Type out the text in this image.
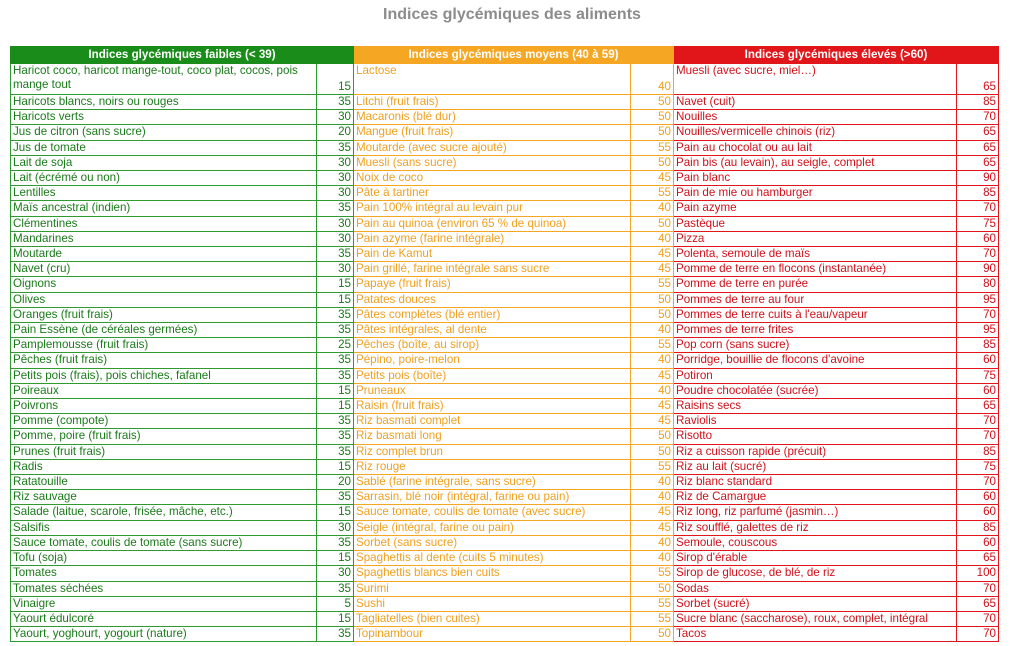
Indices glycémiques des aliments
Indices glycémiques faibles (< 39)		Indices glycémiques moyens (40 à 59)		Indices glycémiques élevés (>60)	
Haricot coco, haricot mange-tout, coco plat, cocos, pois mange tout	15	Lactose	40	Muesli (avec sucre, miel…)	65
Haricots blancs, noirs ou rouges	35	Litchi (fruit frais)	50	Navet (cuit)	85
Haricots verts	30	Macaronis (blé dur)	50	Nouilles	70
Jus de citron (sans sucre)	20	Mangue (fruit frais)	50	Nouilles/vermicelle chinois (riz)	65
Jus de tomate	35	Moutarde (avec sucre ajouté)	55	Pain au chocolat ou au lait	65
Lait de soja	30	Muesli (sans sucre)	50	Pain bis (au levain), au seigle, complet	65
Lait (écrémé ou non)	30	Noix de coco	45	Pain blanc	90
Lentilles	30	Pâte à tartiner	55	Pain de mie ou hamburger	85
Maïs ancestral (indien)	35	Pain 100% intégral au levain pur	40	Pain azyme	70
Clémentines	30	Pain au quinoa (environ 65 % de quinoa)	50	Pastèque	75
Mandarines	30	Pain azyme (farine intégrale)	40	Pizza	60
Moutarde	35	Pain de Kamut	45	Polenta, semoule de maïs	70
Navet (cru)	30	Pain grillé, farine intégrale sans sucre	45	Pomme de terre en flocons (instantanée)	90
Oignons	15	Papaye (fruit frais)	55	Pomme de terre en purée	80
Olives	15	Patates douces	50	Pommes de terre au four	95
Oranges (fruit frais)	35	Pâtes complètes (blé entier)	50	Pommes de terre cuits à l'eau/vapeur	70
Pain Essène (de céréales germées)	35	Pâtes intégrales, al dente	40	Pommes de terre frites	95
Pamplemousse (fruit frais)	25	Pêches (boîte, au sirop)	55	Pop corn (sans sucre)	85
Pêches (fruit frais)	35	Pépino, poire-melon	40	Porridge, bouillie de flocons d'avoine	60
Petits pois (frais), pois chiches, fafanel	35	Petits pois (boîte)	45	Potiron	75
Poireaux	15	Pruneaux	40	Poudre chocolatée (sucrée)	60
Poivrons	15	Raisin (fruit frais)	45	Raisins secs	65
Pomme (compote)	35	Riz basmati complet	45	Raviolis	70
Pomme, poire (fruit frais)	35	Riz basmati long	50	Risotto	70
Prunes (fruit frais)	35	Riz complet brun	50	Riz a cuisson rapide (précuit)	85
Radis	15	Riz rouge	55	Riz au lait (sucré)	75
Ratatouille	20	Sablé (farine intégrale, sans sucre)	40	Riz blanc standard	70
Riz sauvage	35	Sarrasin, blé noir (intégral, farine ou pain)	40	Riz de Camargue	60
Salade (laitue, scarole, frisée, mâche, etc.)	15	Sauce tomate, coulis de tomate (avec sucre)	45	Riz long, riz parfumé (jasmin…)	60
Salsifis	30	Seigle (intégral, farine ou pain)	45	Riz soufflé, galettes de riz	85
Sauce tomate, coulis de tomate (sans sucre)	35	Sorbet (sans sucre)	40	Semoule, couscous	60
Tofu (soja)	15	Spaghettis al dente (cuits 5 minutes)	40	Sirop d'érable	65
Tomates	30	Spaghettis blancs bien cuits	55	Sirop de glucose, de blé, de riz	100
Tomates séchées	35	Surimi	50	Sodas	70
Vinaigre	5	Sushi	55	Sorbet (sucré)	65
Yaourt édulcoré	15	Tagliatelles (bien cuites)	55	Sucre blanc (saccharose), roux, complet, intégral	70
Yaourt, yoghourt, yogourt (nature)	35	Topinambour	50	Tacos	70
